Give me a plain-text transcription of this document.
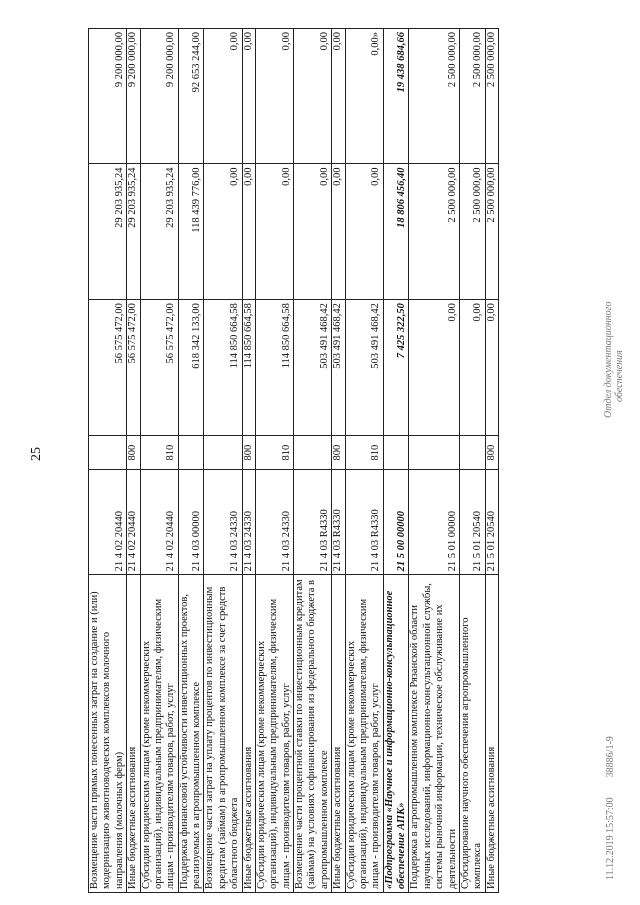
25
Возмещение части прямых понесенных затрат на создание и (или) модернизацию животноводческих комплексов молочного направления (молочных ферм)	21 4 02 20440		56 575 472,00	29 203 935,24	9 200 000,00
Иные бюджетные ассигнования	21 4 02 20440	800	56 575 472,00	29 203 935,24	9 200 000,00
Субсидии юридическим лицам (кроме некоммерческих организаций), индивидуальным предпринимателям, физическим лицам - производителям товаров, работ, услуг	21 4 02 20440	810	56 575 472,00	29 203 935,24	9 200 000,00
Поддержка финансовой устойчивости инвестиционных проектов, реализуемых в агропромышленном комплексе	21 4 03 00000		618 342 133,00	118 439 776,00	92 653 244,00
Возмещение части затрат на уплату процентов по инвестиционным кредитам (займам) в агропромышленном комплексе за счет средств областного бюджета	21 4 03 24330		114 850 664,58	0,00	0,00
Иные бюджетные ассигнования	21 4 03 24330	800	114 850 664,58	0,00	0,00
Субсидии юридическим лицам (кроме некоммерческих организаций), индивидуальным предпринимателям, физическим лицам - производителям товаров, работ, услуг	21 4 03 24330	810	114 850 664,58	0,00	0,00
Возмещение части процентной ставки по инвестиционным кредитам (займам) на условиях софинансирования из федерального бюджета в агропромышленном комплексе	21 4 03 R4330		503 491 468,42	0,00	0,00
Иные бюджетные ассигнования	21 4 03 R4330	800	503 491 468,42	0,00	0,00
Субсидии юридическим лицам (кроме некоммерческих организаций), индивидуальным предпринимателям, физическим лицам - производителям товаров, работ, услуг	21 4 03 R4330	810	503 491 468,42	0,00	0,00»
«Подпрограмма «Научное и информационно-консультационное обеспечение АПК»	21 5 00 00000		7 425 322,50	18 806 456,40	19 438 684,66
Поддержка в агропромышленном комплексе Рязанской области научных исследований, информационно-консультационной службы, системы рыночной информации, техническое обслуживание их деятельности	21 5 01 00000		0,00	2 500 000,00	2 500 000,00
Субсидирование научного обеспечения агропромышленного комплекса	21 5 01 20540		0,00	2 500 000,00	2 500 000,00
Иные бюджетные ассигнования	21 5 01 20540	800	0,00	2 500 000,00	2 500 000,00
11.12.2019 15:57:00        38886/1-9
Отдел документационного обеспечения
